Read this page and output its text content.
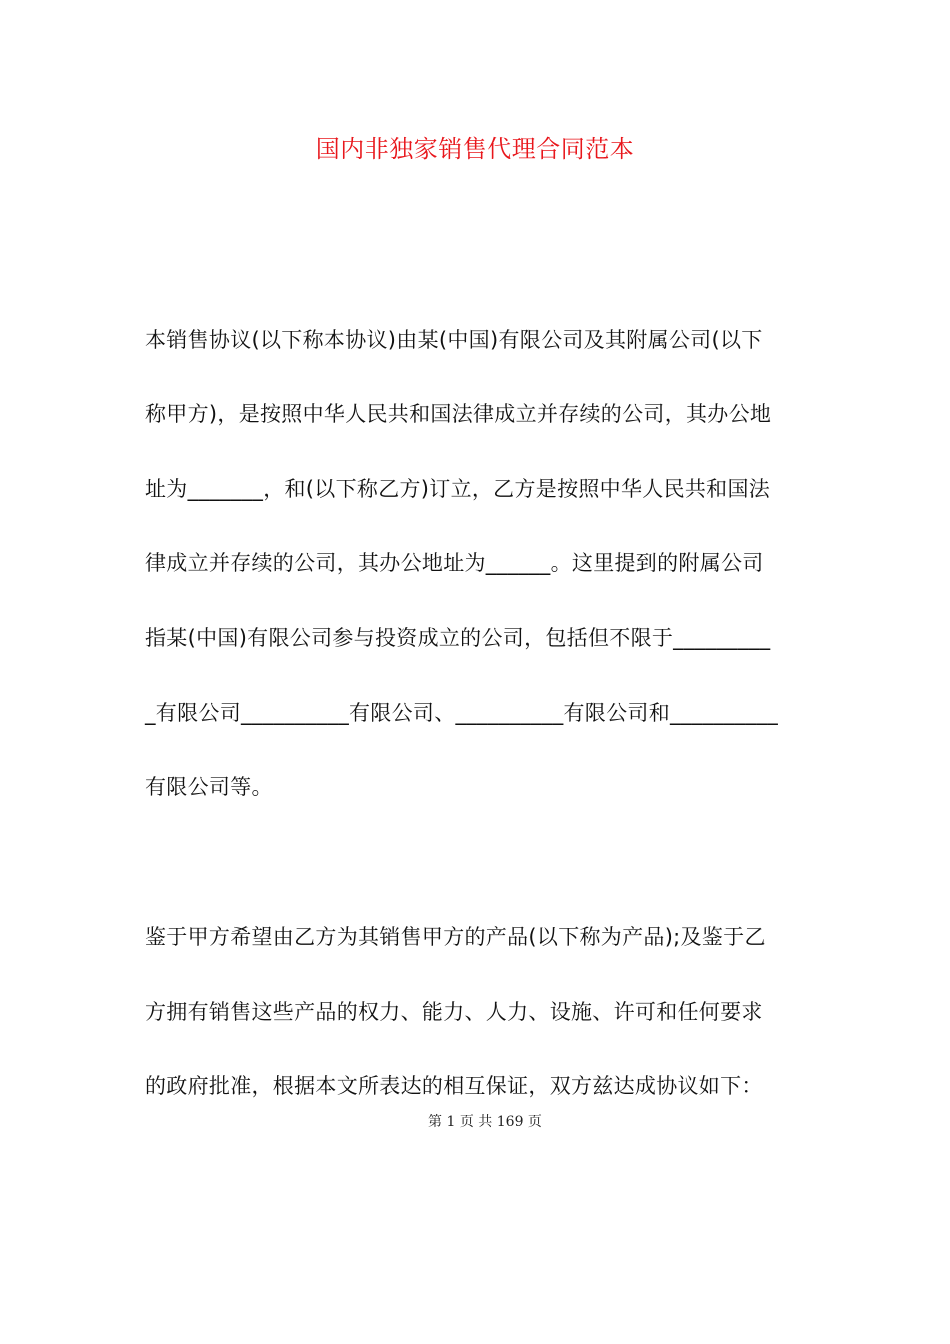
国内非独家销售代理合同范本
本销售协议(以下称本协议)由某(中国)有限公司及其附属公司(以下
称甲方)，是按照中华人民共和国法律成立并存续的公司，其办公地
址为_______，和(以下称乙方)订立，乙方是按照中华人民共和国法
律成立并存续的公司，其办公地址为______。这里提到的附属公司
指某(中国)有限公司参与投资成立的公司，包括但不限于_________
_有限公司__________有限公司、__________有限公司和__________
有限公司等。
鉴于甲方希望由乙方为其销售甲方的产品(以下称为产品);及鉴于乙
方拥有销售这些产品的权力、能力、人力、设施、许可和任何要求
的政府批准，根据本文所表达的相互保证，双方兹达成协议如下：
第 1 页 共 169 页
